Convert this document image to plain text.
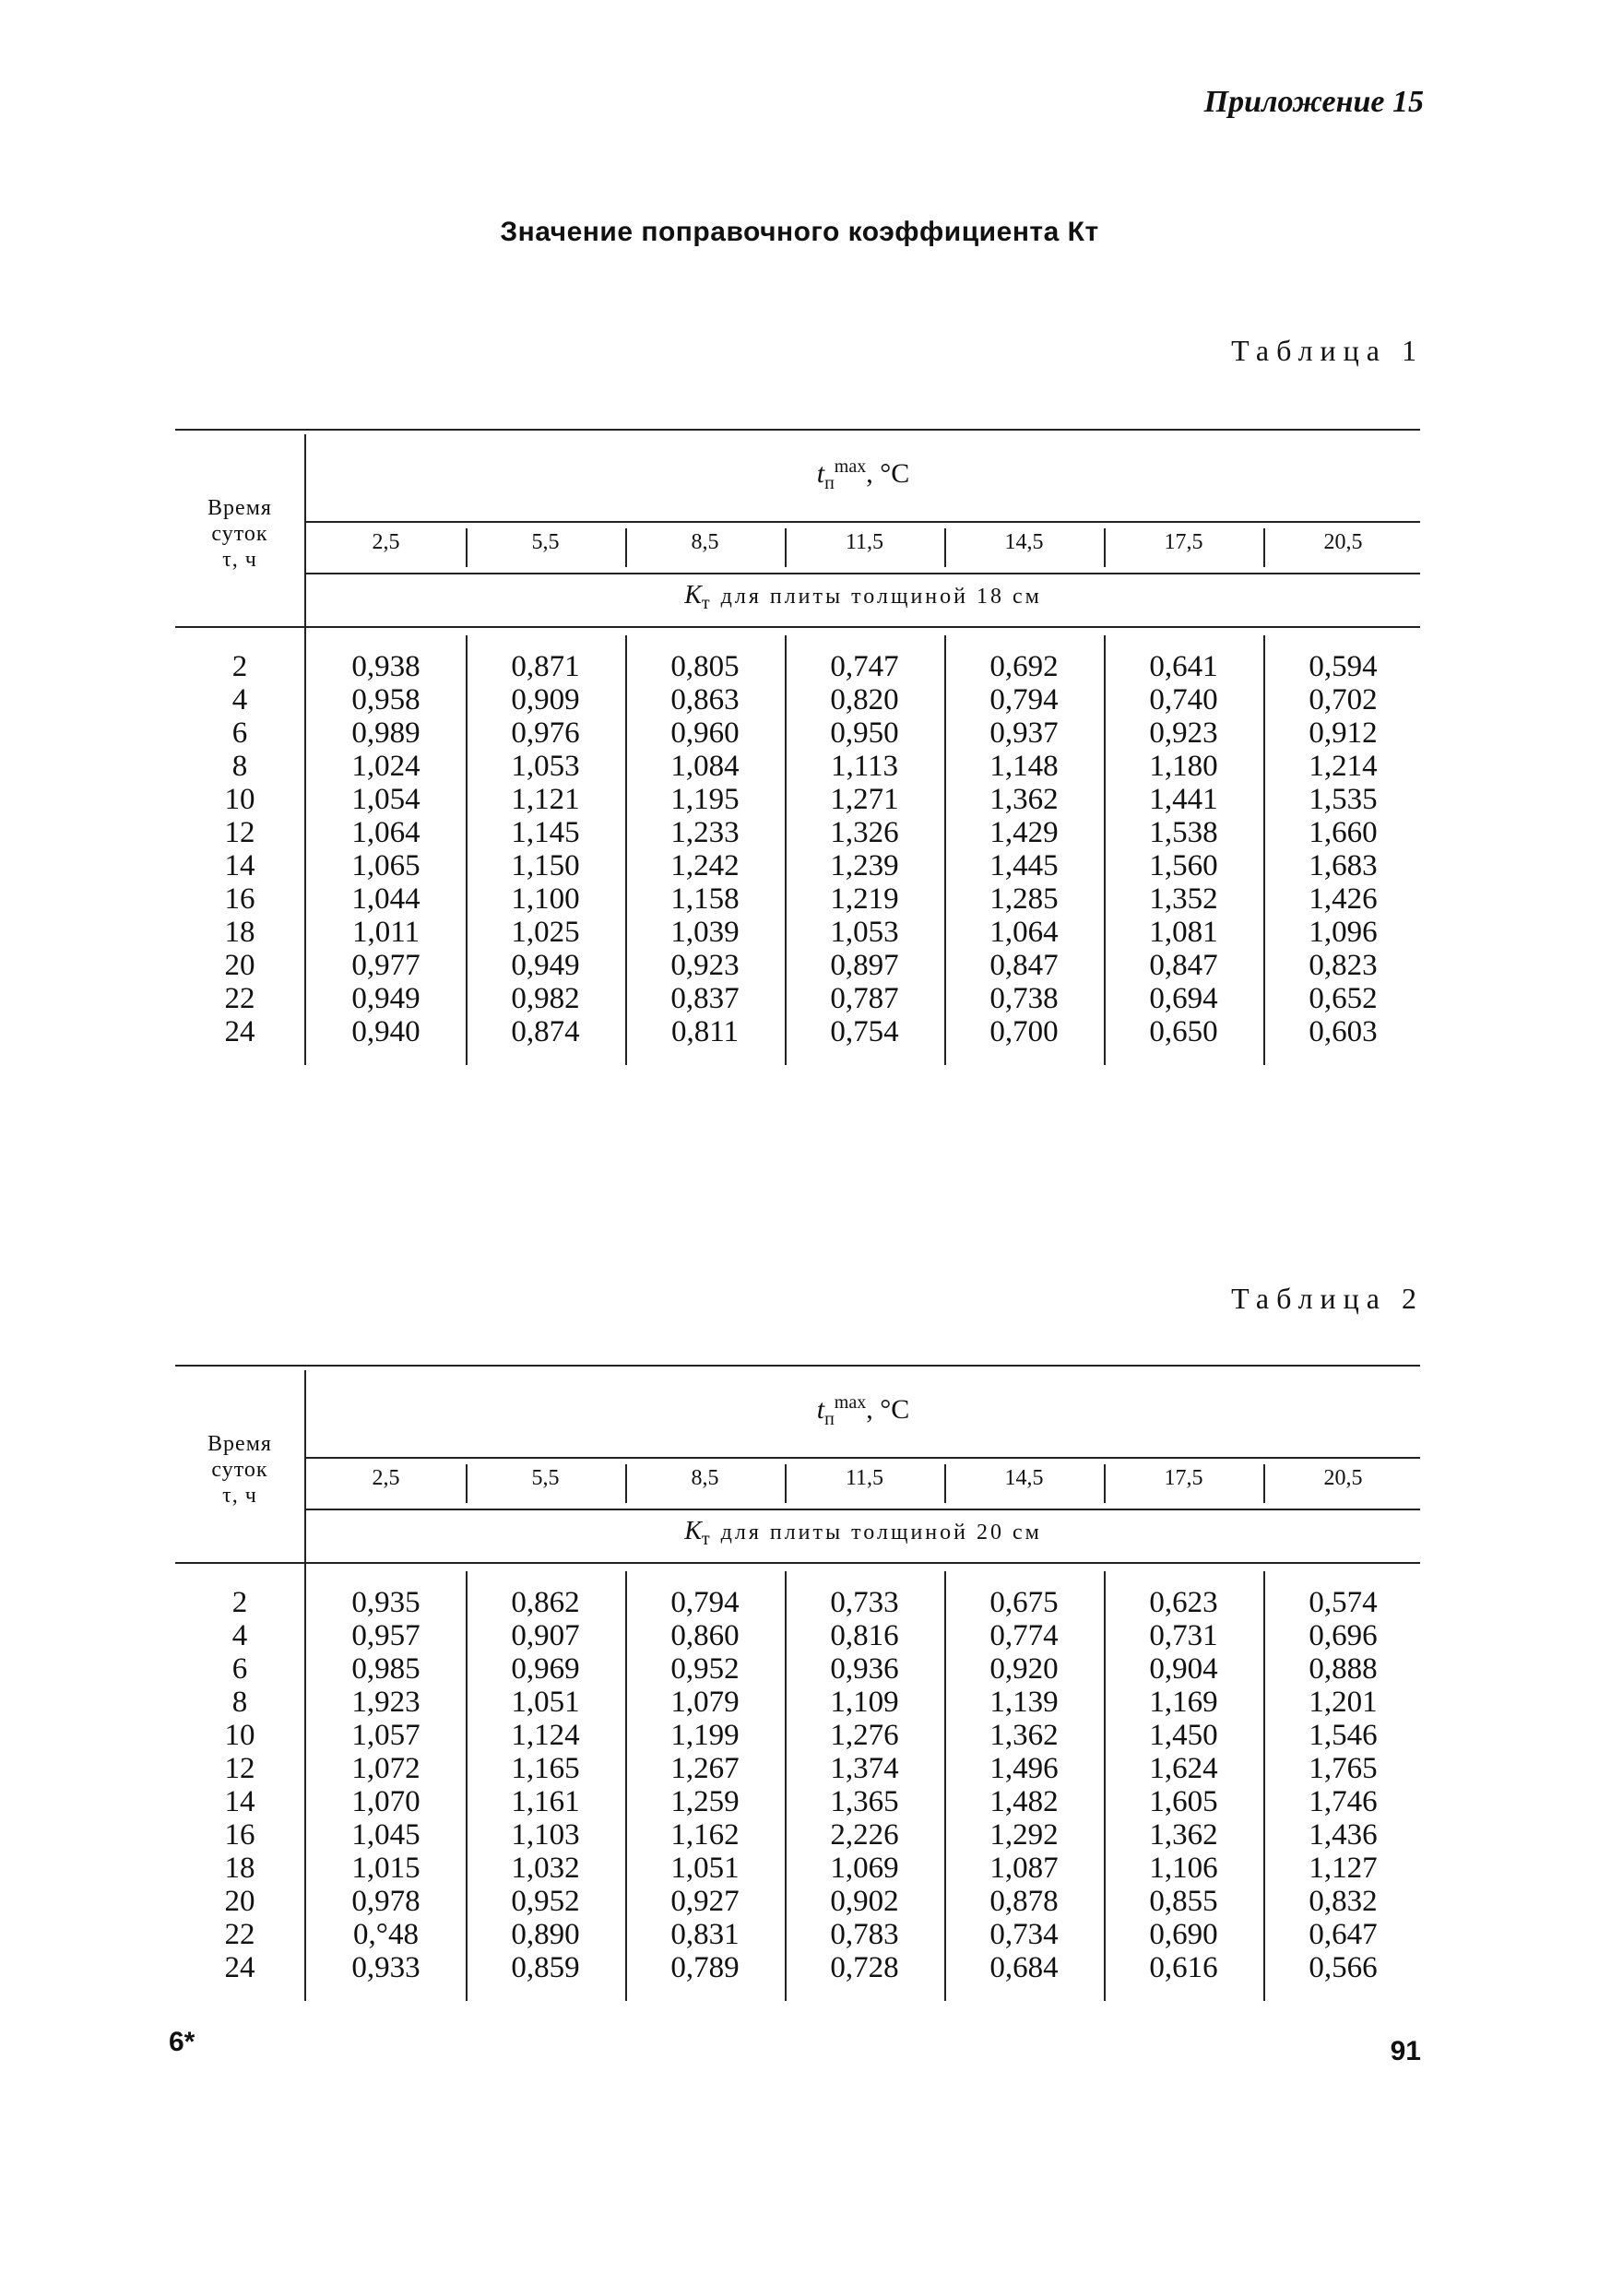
Приложение 15
Значение поправочного коэффициента Кт
Таблица 1
Время
суток
τ, ч
$t_п^{max}$, °C
2,5	5,5	8,5	11,5	14,5	17,5	20,5
$K_т$ для плиты толщиной 18 см
2	0,938	0,871	0,805	0,747	0,692	0,641	0,594
4	0,958	0,909	0,863	0,820	0,794	0,740	0,702
6	0,989	0,976	0,960	0,950	0,937	0,923	0,912
8	1,024	1,053	1,084	1,113	1,148	1,180	1,214
10	1,054	1,121	1,195	1,271	1,362	1,441	1,535
12	1,064	1,145	1,233	1,326	1,429	1,538	1,660
14	1,065	1,150	1,242	1,239	1,445	1,560	1,683
16	1,044	1,100	1,158	1,219	1,285	1,352	1,426
18	1,011	1,025	1,039	1,053	1,064	1,081	1,096
20	0,977	0,949	0,923	0,897	0,847	0,847	0,823
22	0,949	0,982	0,837	0,787	0,738	0,694	0,652
24	0,940	0,874	0,811	0,754	0,700	0,650	0,603
Таблица 2
Время
суток
τ, ч
$t_п^{max}$, °C
2,5	5,5	8,5	11,5	14,5	17,5	20,5
$K_т$ для плиты толщиной 20 см
2	0,935	0,862	0,794	0,733	0,675	0,623	0,574
4	0,957	0,907	0,860	0,816	0,774	0,731	0,696
6	0,985	0,969	0,952	0,936	0,920	0,904	0,888
8	1,923	1,051	1,079	1,109	1,139	1,169	1,201
10	1,057	1,124	1,199	1,276	1,362	1,450	1,546
12	1,072	1,165	1,267	1,374	1,496	1,624	1,765
14	1,070	1,161	1,259	1,365	1,482	1,605	1,746
16	1,045	1,103	1,162	2,226	1,292	1,362	1,436
18	1,015	1,032	1,051	1,069	1,087	1,106	1,127
20	0,978	0,952	0,927	0,902	0,878	0,855	0,832
22	0,°48	0,890	0,831	0,783	0,734	0,690	0,647
24	0,933	0,859	0,789	0,728	0,684	0,616	0,566
6*	91
